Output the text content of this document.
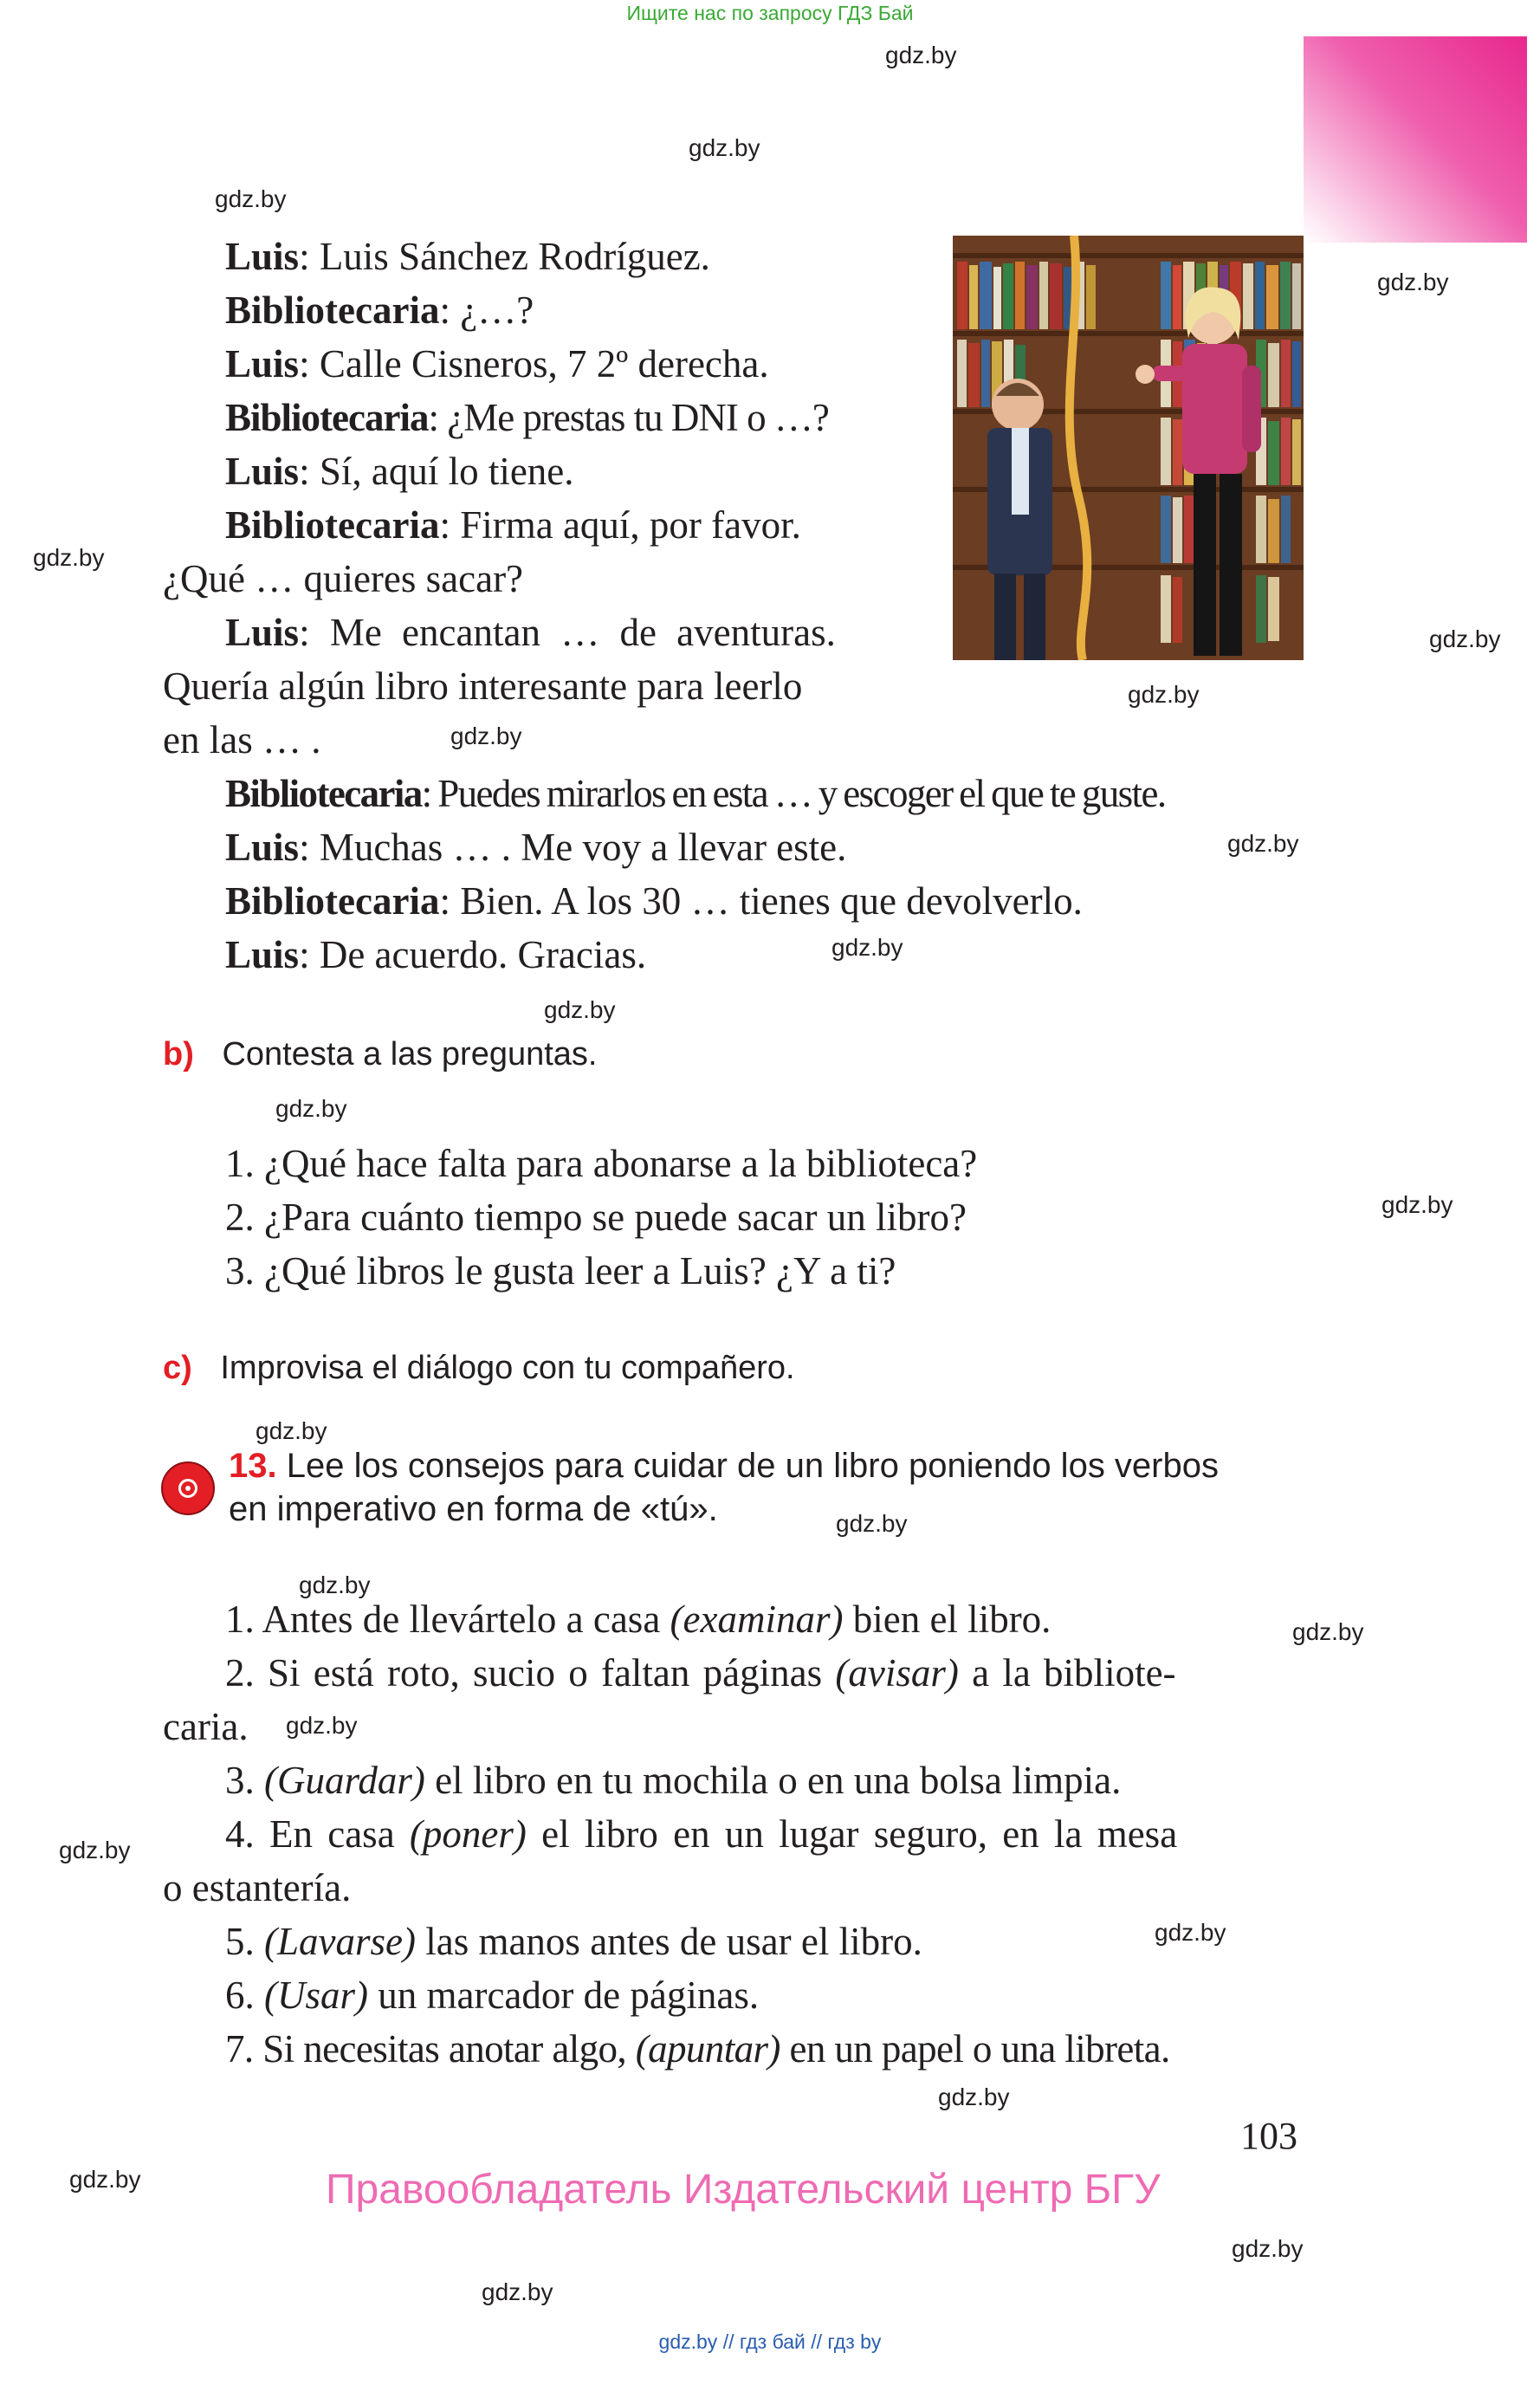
Ищите нас по запросу ГДЗ Бай
Luis: Luis Sánchez Rodríguez.
Bibliotecaria: ¿…?
Luis: Calle Cisneros, 7 2º derecha.
Bibliotecaria: ¿Me prestas tu DNI o …?
Luis: Sí, aquí lo tiene.
Bibliotecaria: Firma aquí, por favor.
¿Qué … quieres sacar?
Luis: Me encantan … de aventuras.
Quería algún libro interesante para leerlo
en las … .
Bibliotecaria: Puedes mirarlos en esta … y escoger el que te guste.
Luis: Muchas … . Me voy a llevar este.
Bibliotecaria: Bien. A los 30 … tienes que devolverlo.
Luis: De acuerdo. Gracias.
b) Contesta a las preguntas.
1. ¿Qué hace falta para abonarse a la biblioteca?
2. ¿Para cuánto tiempo se puede sacar un libro?
3. ¿Qué libros le gusta leer a Luis? ¿Y a ti?
c) Improvisa el diálogo con tu compañero.
13. Lee los consejos para cuidar de un libro poniendo los verbos
en imperativo en forma de «tú».
1. Antes de llevártelo a casa (examinar) bien el libro.
2. Si está roto, sucio o faltan páginas (avisar) a la bibliote-
caria.
3. (Guardar) el libro en tu mochila o en una bolsa limpia.
4. En casa (poner) el libro en un lugar seguro, en la mesa
o estantería.
5. (Lavarse) las manos antes de usar el libro.
6. (Usar) un marcador de páginas.
7. Si necesitas anotar algo, (apuntar) en un papel o una libreta.
103
Правообладатель Издательский центр БГУ
gdz.by // гдз бай // гдз by
gdz.by
gdz.by
gdz.by
gdz.by
gdz.by
gdz.by
gdz.by
gdz.by
gdz.by
gdz.by
gdz.by
gdz.by
gdz.by
gdz.by
gdz.by
gdz.by
gdz.by
gdz.by
gdz.by
gdz.by
gdz.by
gdz.by
gdz.by
gdz.by
